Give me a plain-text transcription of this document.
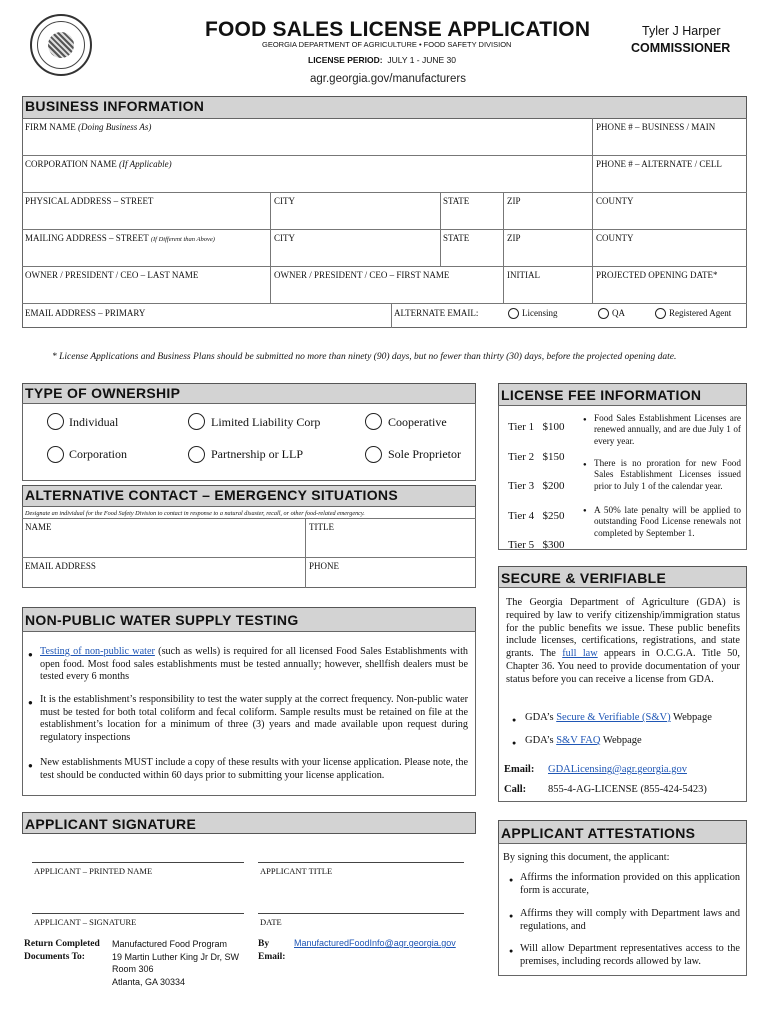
FOOD SALES LICENSE APPLICATION
GEORGIA DEPARTMENT OF AGRICULTURE • FOOD SAFETY DIVISION
LICENSE PERIOD: JULY 1 - JUNE 30
agr.georgia.gov/manufacturers
Tyler J Harper
COMMISSIONER
BUSINESS INFORMATION
FIRM NAME (Doing Business As)	PHONE # – BUSINESS / MAIN
CORPORATION NAME (If Applicable)	PHONE # – ALTERNATE / CELL
PHYSICAL ADDRESS – STREET	CITY	STATE	ZIP	COUNTY
MAILING ADDRESS – STREET (If Different than Above)	CITY	STATE	ZIP	COUNTY
OWNER / PRESIDENT / CEO – LAST NAME	OWNER / PRESIDENT / CEO – FIRST NAME	INITIAL	PROJECTED OPENING DATE*
EMAIL ADDRESS – PRIMARY	ALTERNATE EMAIL:	Licensing	QA	Registered Agent
* License Applications and Business Plans should be submitted no more than ninety (90) days, but no fewer than thirty (30) days, before the projected opening date.
TYPE OF OWNERSHIP
Individual	Limited Liability Corp	Cooperative
Corporation	Partnership or LLP	Sole Proprietor
ALTERNATIVE CONTACT – EMERGENCY SITUATIONS
Designate an individual for the Food Safety Division to contact in response to a natural disaster, recall, or other food-related emergency.
NAME	TITLE
EMAIL ADDRESS	PHONE
NON-PUBLIC WATER SUPPLY TESTING
● Testing of non-public water (such as wells) is required for all licensed Food Sales Establishments with open food. Most food sales establishments must be tested annually; however, shellfish dealers must be tested every 6 months
● It is the establishment’s responsibility to test the water supply at the correct frequency. Non-public water must be tested for both total coliform and fecal coliform. Sample results must be retained on file at the establishment’s location for a minimum of three (3) years and made available upon request during regulatory inspections
● New establishments MUST include a copy of these results with your license application. Please note, the test should be conducted within 60 days prior to submitting your license application.
LICENSE FEE INFORMATION
Tier 1 $100
Tier 2 $150
Tier 3 $200
Tier 4 $250
Tier 5 $300
● Food Sales Establishment Licenses are renewed annually, and are due July 1 of every year.
● There is no proration for new Food Sales Establishment Licenses issued prior to July 1 of the calendar year.
● A 50% late penalty will be applied to outstanding Food License renewals not completed by September 1.
SECURE & VERIFIABLE
The Georgia Department of Agriculture (GDA) is required by law to verify citizenship/immigration status for the public benefits we issue. These public benefits include licenses, certifications, registrations, and state grants. The full law appears in O.C.G.A. Title 50, Chapter 36. You need to provide documentation of your status before you can receive a license from GDA.
● GDA’s Secure & Verifiable (S&V) Webpage
● GDA’s S&V FAQ Webpage
Email: GDALicensing@agr.georgia.gov
Call: 855-4-AG-LICENSE (855-424-5423)
APPLICANT SIGNATURE
APPLICANT – PRINTED NAME	APPLICANT TITLE
APPLICANT – SIGNATURE	DATE
Return Completed
Documents To:
Manufactured Food Program
19 Martin Luther King Jr Dr, SW
Room 306
Atlanta, GA 30334
By
Email:
ManufacturedFoodInfo@agr.georgia.gov
APPLICANT ATTESTATIONS
By signing this document, the applicant:
● Affirms the information provided on this application form is accurate,
● Affirms they will comply with Department laws and regulations, and
● Will allow Department representatives access to the premises, including records allowed by law.
